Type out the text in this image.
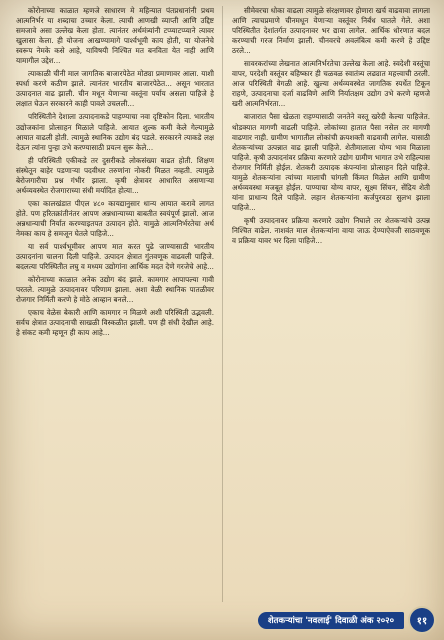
कोरोनाच्या काळात म्हणजे साधारण मे महिन्यात पंतप्रधानांनी प्रथम आत्मनिर्भर या शब्दाचा उच्चार केला. त्याची आणखी व्याप्ती आणि उद्दिष्ट समजावे असा उल्लेख केला होता. त्यानंतर अर्थमंत्र्यांनी टप्प्याटप्प्याने त्यावर खुलासा केला. ही योजना आखण्यामागे पार्श्वभूमी काय होती, या योजनेचे स्वरूप नेमके कसे आहे, याविषयी निश्चित मत बनविता येत नाही आणि यामागील उद्देश...

त्याकाळी चीनी माल जागतिक बाजारपेठेत मोठ्या प्रमाणावर आला. याशी स्पर्धा करणे कठीण झाले. त्यानंतर भारतीय बाजारपेठेत... असून भारतात उत्पादनात वाढ झाली. चीन मधून येणाऱ्या वस्तूंना पर्याय असला पाहिजे हे लक्षात घेऊन सरकारने काही पावले उचलली...

परिस्थितीने देशाला उत्पादनाकडे पाहण्याचा नवा दृष्टिकोन दिला. भारतीय उद्योजकांना प्रोत्साहन मिळाले पाहिजे. आयात शुल्क कमी केले गेल्यामुळे आयात वाढली होती. त्यामुळे स्थानिक उद्योग बंद पडले. सरकारने त्याकडे लक्ष देऊन त्यांना पुन्हा उभे करण्यासाठी प्रयत्न सुरू केले...

ही परिस्थिती एकीकडे तर दुसरीकडे लोकसंख्या वाढत होती. शिक्षण संस्थेतून बाहेर पडणाऱ्या पदवीधर तरुणांना नोकरी मिळत नव्हती. त्यामुळे बेरोजगारीचा प्रश्न गंभीर झाला. कृषी क्षेत्रावर आधारित असणाऱ्या अर्थव्यवस्थेत रोजगाराच्या संधी मर्यादित होत्या...

एका कालखंडात पीएल ४८० कायद्यानुसार धान्य आयात करावे लागत होते. पण हरितक्रांतीनंतर आपण अन्नधान्याच्या बाबतीत स्वयंपूर्ण झालो. आज अन्नधान्याची निर्यात करण्याइतपत उत्पादन होते. यामुळे आत्मनिर्भरतेचा अर्थ नेमका काय हे समजून घेतले पाहिजे...

या सर्व पार्श्वभूमीवर आपण मात करत पुढे जाण्यासाठी भारतीय उत्पादनांना चालना दिली पाहिजे. उत्पादन क्षेत्रात गुंतवणूक वाढवली पाहिजे. बदलत्या परिस्थितीत लघु व मध्यम उद्योगांना आर्थिक मदत देणे गरजेचे आहे...

कोरोनाच्या काळात अनेक उद्योग बंद झाले. कामगार आपापल्या गावी परतले. त्यामुळे उत्पादनावर परिणाम झाला. अशा वेळी स्थानिक पातळीवर रोजगार निर्मिती करणे हे मोठे आव्हान बनले...

एकाच वेळेस बेकारी आणि कामगार न मिळणे अशी परिस्थिती उद्भवली. सर्वच क्षेत्रात उत्पादनाची साखळी विस्कळीत झाली. पण ही संधी देखील आहे. हे संकट कमी म्हणून ही काय आहे...

सीमेवरचा धोका वाढला त्यामुळे संरक्षणावर होणारा खर्च वाढवावा लागला आणि त्याचप्रमाणे चीनमधून येणाऱ्या वस्तूंवर निर्बंध घातले गेले. अशा परिस्थितीत देशांतर्गत उत्पादनावर भर द्यावा लागेल. आर्थिक धोरणात बदल करण्याची गरज निर्माण झाली. चीनवरचे अवलंबित्व कमी करणे हे उद्दिष्ट ठरले...

सावरकरांच्या लेखनात आत्मनिर्भरतेचा उल्लेख केला आहे. स्वदेशी वस्तूंचा वापर, परदेशी वस्तूंवर बहिष्कार ही चळवळ स्वातंत्र्य लढ्यात महत्त्वाची ठरली. आज परिस्थिती वेगळी आहे. खुल्या अर्थव्यवस्थेत जागतिक स्पर्धेत टिकून राहणे, उत्पादनाचा दर्जा वाढविणे आणि निर्यातक्षम उद्योग उभे करणे म्हणजे खरी आत्मनिर्भरता...

बाजारात पैसा खेळता राहण्यासाठी जनतेने वस्तू खरेदी केल्या पाहिजेत. थोडक्यात मागणी वाढली पाहिजे. लोकांच्या हातात पैसा नसेल तर मागणी वाढणार नाही. ग्रामीण भागातील लोकांची क्रयशक्ती वाढवावी लागेल. यासाठी शेतकऱ्यांच्या उत्पन्नात वाढ झाली पाहिजे. शेतीमालाला योग्य भाव मिळाला पाहिजे. कृषी उत्पादनांवर प्रक्रिया करणारे उद्योग ग्रामीण भागात उभे राहिल्यास रोजगार निर्मिती होईल. शेतकरी उत्पादक कंपन्यांना प्रोत्साहन दिले पाहिजे. यामुळे शेतकऱ्यांना त्यांच्या मालाची चांगली किंमत मिळेल आणि ग्रामीण अर्थव्यवस्था मजबूत होईल. पाण्याचा योग्य वापर, सूक्ष्म सिंचन, सेंद्रिय शेती यांना प्राधान्य दिले पाहिजे. लहान शेतकऱ्यांना कर्जपुरवठा सुलभ झाला पाहिजे...

कृषी उत्पादनावर प्रक्रिया करणारे उद्योग निघाले तर शेतकऱ्यांचे उत्पन्न निश्चित वाढेल. नाशवंत माल शेतकऱ्यांना वाया जाऊ देण्याऐवजी साठवणूक व प्रक्रिया यावर भर दिला पाहिजे...

शेतकऱ्यांचा 'नवलाई' दिवाळी अंक २०२०	११
